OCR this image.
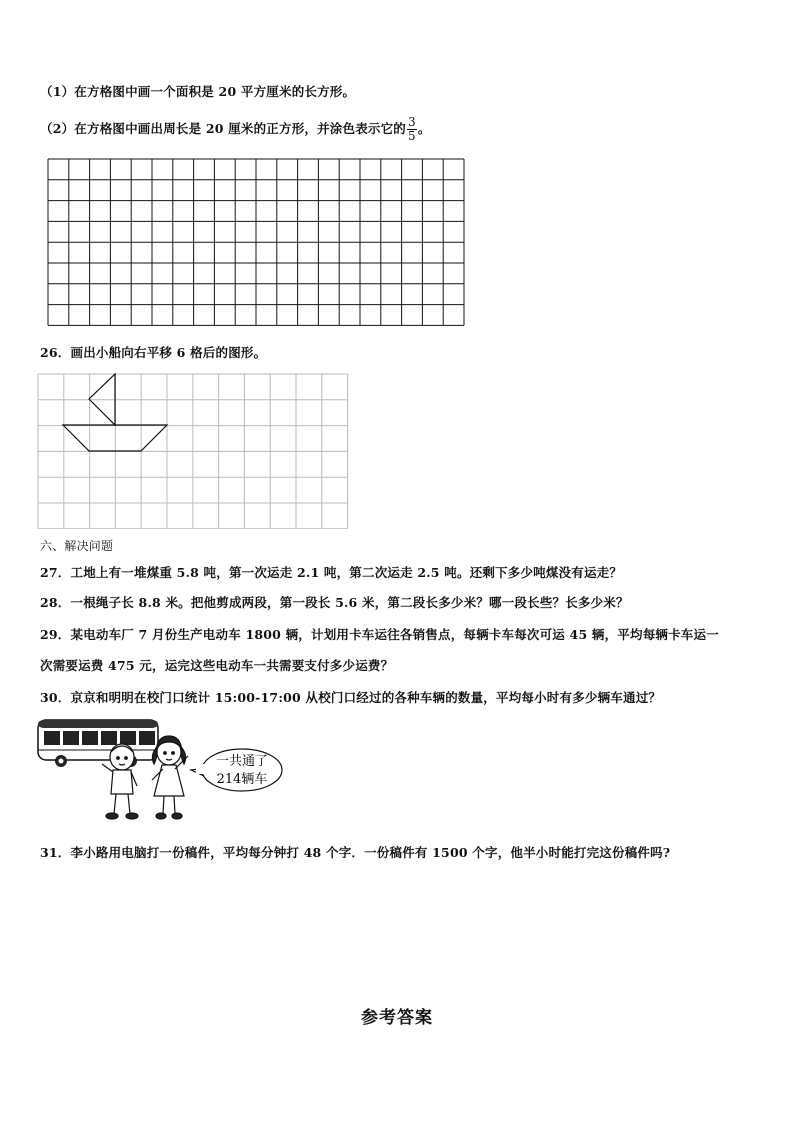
（1）在方格图中画一个面积是 20 平方厘米的长方形。
（2）在方格图中画出周长是 20 厘米的正方形，并涂色表示它的 $\frac{3}{5}$ 。
26．画出小船向右平移 6 格后的图形。
六、解决问题
27．工地上有一堆煤重 5.8 吨，第一次运走 2.1 吨，第二次运走 2.5 吨。还剩下多少吨煤没有运走？
28．一根绳子长 8.8 米。把他剪成两段，第一段长 5.6 米，第二段长多少米？哪一段长些？长多少米？
29．某电动车厂 7 月份生产电动车 1800 辆，计划用卡车运往各销售点，每辆卡车每次可运 45 辆，平均每辆卡车运一
次需要运费 475 元，运完这些电动车一共需要支付多少运费？
30．京京和明明在校门口统计 15:00-17:00 从校门口经过的各种车辆的数量，平均每小时有多少辆车通过？
一共通了
214辆车
31．李小路用电脑打一份稿件，平均每分钟打 48 个字．一份稿件有 1500 个字，他半小时能打完这份稿件吗?
参考答案
